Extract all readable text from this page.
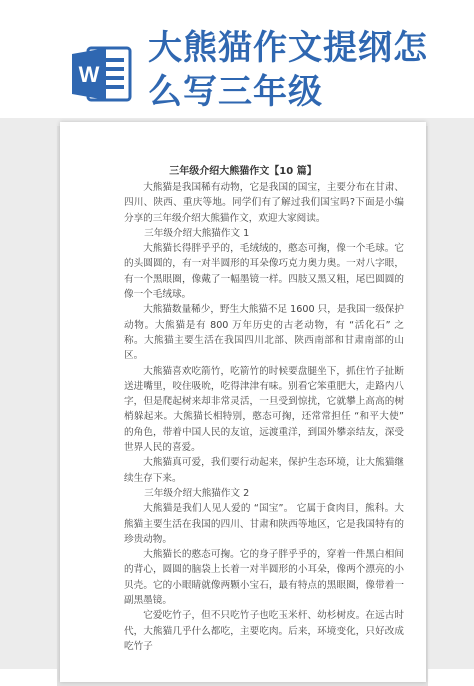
W
大熊猫作文提纲怎
么写三年级
三年级介绍大熊猫作文【10 篇】

大熊猫是我国稀有动物，它是我国的国宝，主要分布在甘肃、四川、陕西、重庆等地。同学们有了解过我们国宝吗?下面是小编分享的三年级介绍大熊猫作文，欢迎大家阅读。

三年级介绍大熊猫作文 1

大熊猫长得胖乎乎的，毛绒绒的，憨态可掬，像一个毛球。它的头圆圆的，有一对半圆形的耳朵像巧克力奥力奥。一对八字眼，有一个黑眼圈，像戴了一幅墨镜一样。四肢又黑又粗，尾巴圆圆的像一个毛绒球。

大熊猫数量稀少，野生大熊猫不足 1600 只，是我国一级保护动物。大熊猫是有 800 万年历史的古老动物，有 “活化石” 之称。大熊猫主要生活在我国四川北部、陕西南部和甘肃南部的山区。

大熊猫喜欢吃箭竹，吃箭竹的时候要盘腿坐下，抓住竹子扯断送进嘴里，咬住吸吮，吃得津津有味。别看它笨重肥大，走路内八字，但是爬起树来却非常灵活，一旦受到惊扰，它就攀上高高的树梢躲起来。大熊猫长相特别，憨态可掬，还常常担任 “和平大使” 的角色，带着中国人民的友谊，远渡重洋，到国外攀亲结友，深受世界人民的喜爱。

大熊猫真可爱，我们要行动起来，保护生态环境，让大熊猫继续生存下来。

三年级介绍大熊猫作文 2

大熊猫是我们人见人爱的 “国宝”。 它属于食肉目，熊科。大熊猫主要生活在我国的四川、甘肃和陕西等地区，它是我国特有的珍贵动物。

大熊猫长的憨态可掬。它的身子胖乎乎的，穿着一件黑白相间的背心，圆圆的脑袋上长着一对半圆形的小耳朵，像两个漂亮的小贝壳。它的小眼睛就像两颗小宝石，最有特点的黑眼圈，像带着一副黑墨镜。

它爱吃竹子，但不只吃竹子也吃玉米杆、幼杉树皮。在远古时代，大熊猫几乎什么都吃，主要吃肉。后来，环境变化，只好改成吃竹子
